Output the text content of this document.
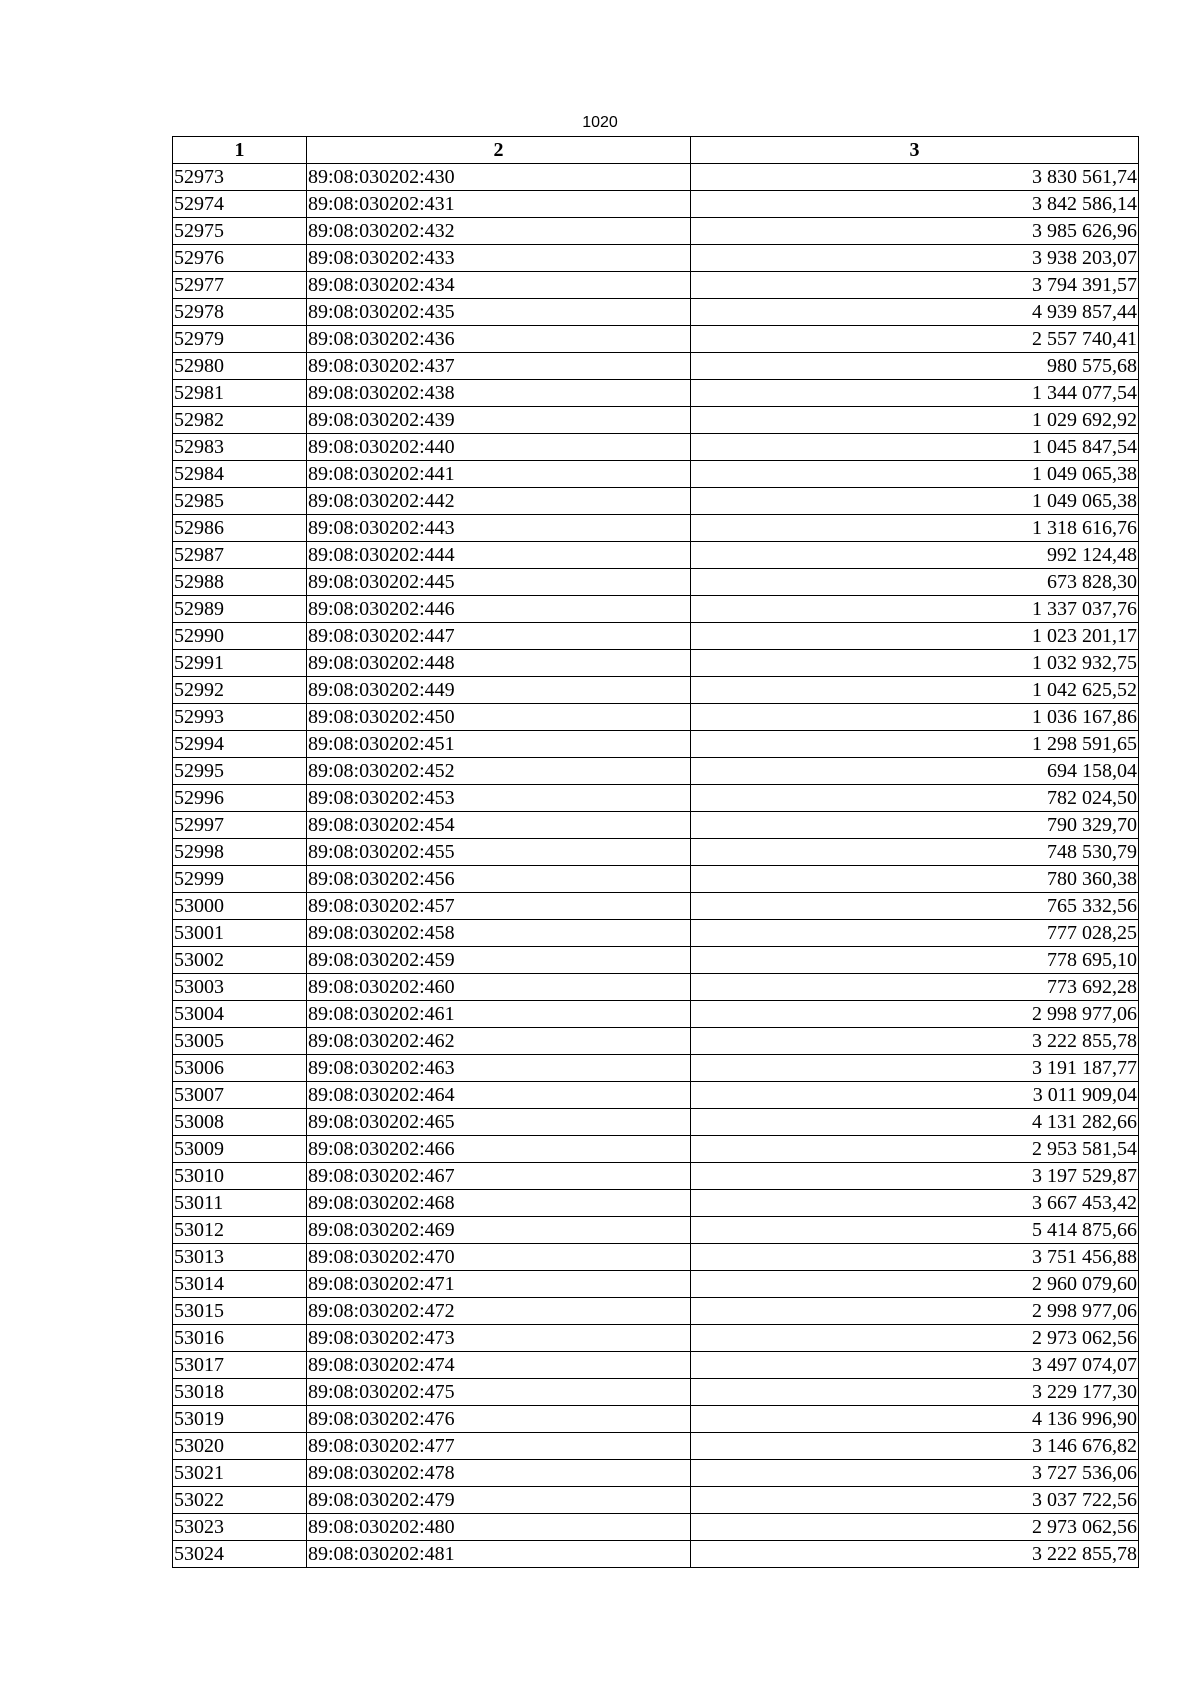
1020
1	2	3
52973	89:08:030202:430	3 830 561,74
52974	89:08:030202:431	3 842 586,14
52975	89:08:030202:432	3 985 626,96
52976	89:08:030202:433	3 938 203,07
52977	89:08:030202:434	3 794 391,57
52978	89:08:030202:435	4 939 857,44
52979	89:08:030202:436	2 557 740,41
52980	89:08:030202:437	980 575,68
52981	89:08:030202:438	1 344 077,54
52982	89:08:030202:439	1 029 692,92
52983	89:08:030202:440	1 045 847,54
52984	89:08:030202:441	1 049 065,38
52985	89:08:030202:442	1 049 065,38
52986	89:08:030202:443	1 318 616,76
52987	89:08:030202:444	992 124,48
52988	89:08:030202:445	673 828,30
52989	89:08:030202:446	1 337 037,76
52990	89:08:030202:447	1 023 201,17
52991	89:08:030202:448	1 032 932,75
52992	89:08:030202:449	1 042 625,52
52993	89:08:030202:450	1 036 167,86
52994	89:08:030202:451	1 298 591,65
52995	89:08:030202:452	694 158,04
52996	89:08:030202:453	782 024,50
52997	89:08:030202:454	790 329,70
52998	89:08:030202:455	748 530,79
52999	89:08:030202:456	780 360,38
53000	89:08:030202:457	765 332,56
53001	89:08:030202:458	777 028,25
53002	89:08:030202:459	778 695,10
53003	89:08:030202:460	773 692,28
53004	89:08:030202:461	2 998 977,06
53005	89:08:030202:462	3 222 855,78
53006	89:08:030202:463	3 191 187,77
53007	89:08:030202:464	3 011 909,04
53008	89:08:030202:465	4 131 282,66
53009	89:08:030202:466	2 953 581,54
53010	89:08:030202:467	3 197 529,87
53011	89:08:030202:468	3 667 453,42
53012	89:08:030202:469	5 414 875,66
53013	89:08:030202:470	3 751 456,88
53014	89:08:030202:471	2 960 079,60
53015	89:08:030202:472	2 998 977,06
53016	89:08:030202:473	2 973 062,56
53017	89:08:030202:474	3 497 074,07
53018	89:08:030202:475	3 229 177,30
53019	89:08:030202:476	4 136 996,90
53020	89:08:030202:477	3 146 676,82
53021	89:08:030202:478	3 727 536,06
53022	89:08:030202:479	3 037 722,56
53023	89:08:030202:480	2 973 062,56
53024	89:08:030202:481	3 222 855,78
